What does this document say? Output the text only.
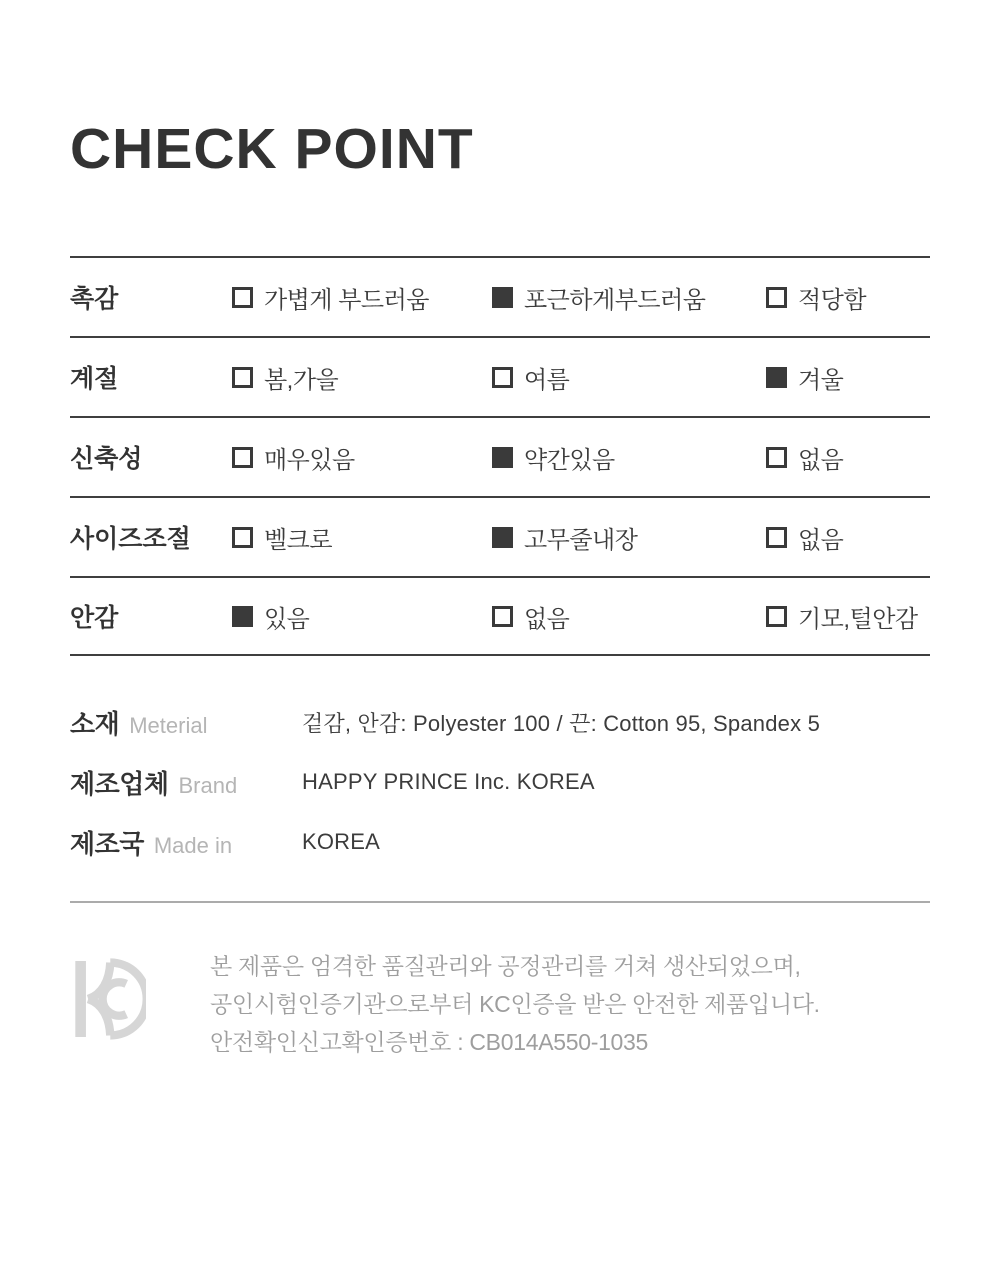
CHECK POINT
촉감	가볍게 부드러움	포근하게부드러움	적당함
계절	봄,가을	여름	겨울
신축성	매우있음	약간있음	없음
사이즈조절	벨크로	고무줄내장	없음
안감	있음	없음	기모,털안감
소재 Meterial	겉감, 안감: Polyester 100 / 끈: Cotton 95, Spandex 5
제조업체 Brand	HAPPY PRINCE Inc. KOREA
제조국 Made in	KOREA

본 제품은 엄격한 품질관리와 공정관리를 거쳐 생산되었으며,

공인시험인증기관으로부터 KC인증을 받은 안전한 제품입니다.

안전확인신고확인증번호 : CB014A550-1035
